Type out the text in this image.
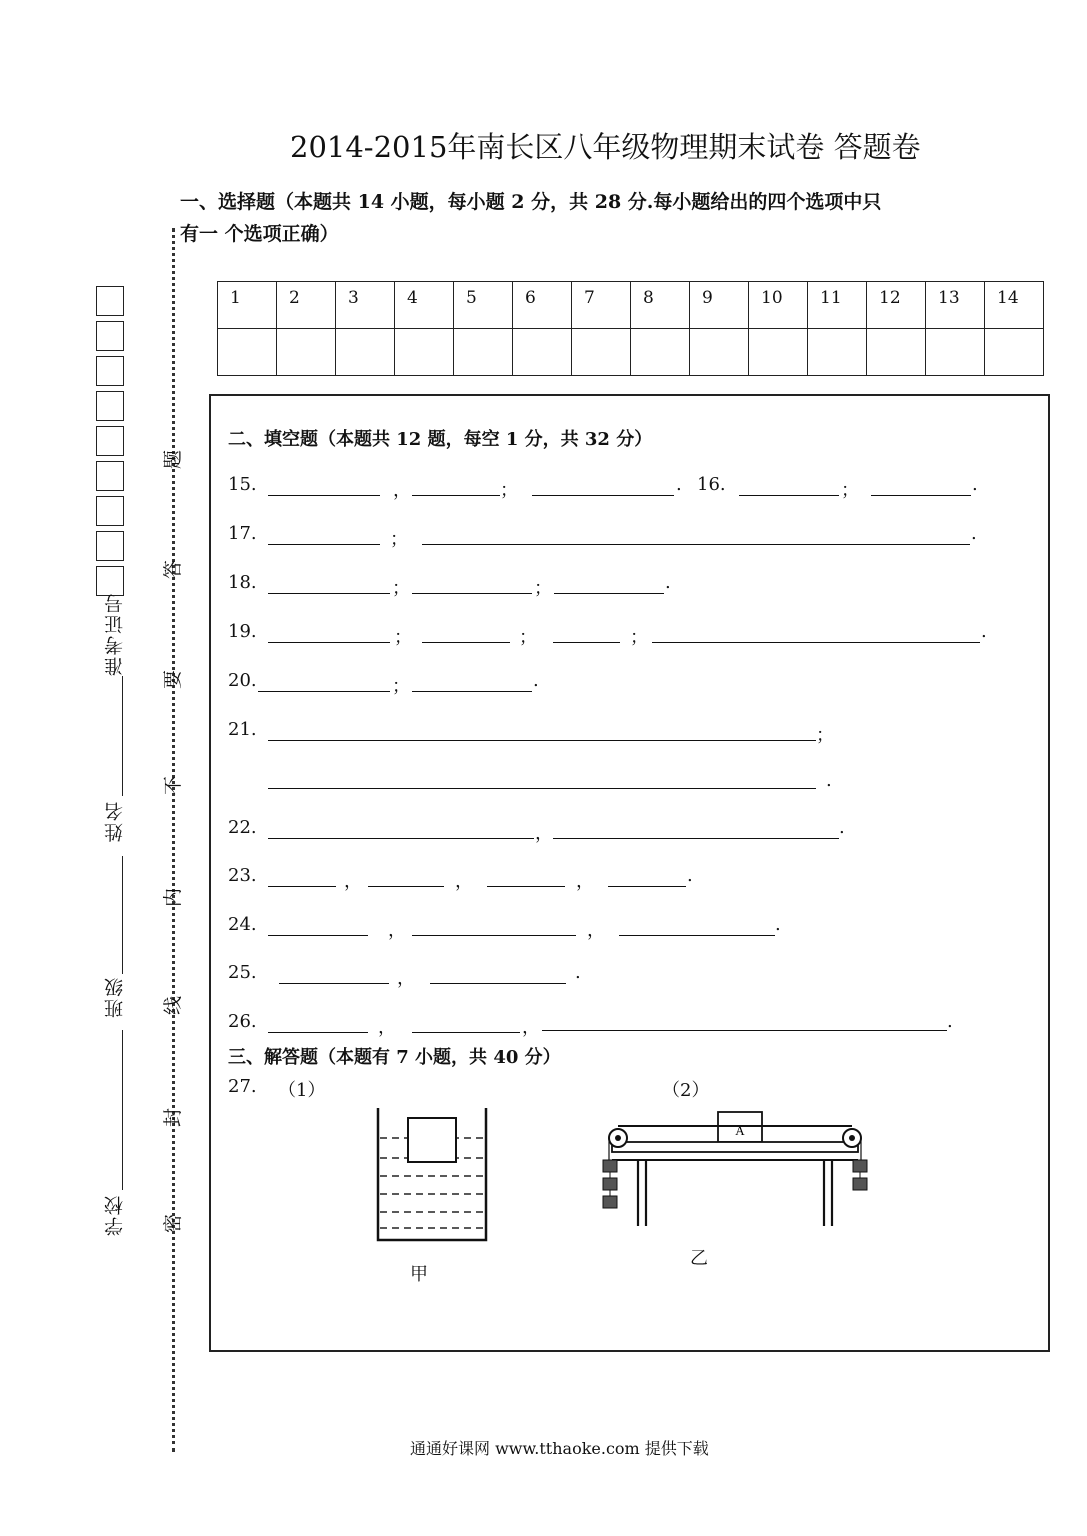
2014-2015年南长区八年级物理期末试卷 答题卷
一、选择题（本题共 14 小题，每小题 2 分，共 28 分.每小题给出的四个选项中只
有一 个选项正确）
准考证号
姓名
班级
学校
题
答
要
不
内
线
封
密
1	2	3	4	5	6	7	8	9	10	11	12	13	14

二、填空题（本题共 12 题，每空 1 分，共 32 分）
15.	，	；	. 16.	；	.
17.	；	.
18.	；	；	.
19.	；	；	；	.
20.	；	.
21.	；
.
22.	，	.
23.	，	，	，	.
24.	，	，	.
25.	，	.
26.	，	，	.
三、解答题（本题有 7 小题，共 40 分）
27. （1）	（2）
甲
A
乙
通通好课网 www.tthaoke.com 提供下载
